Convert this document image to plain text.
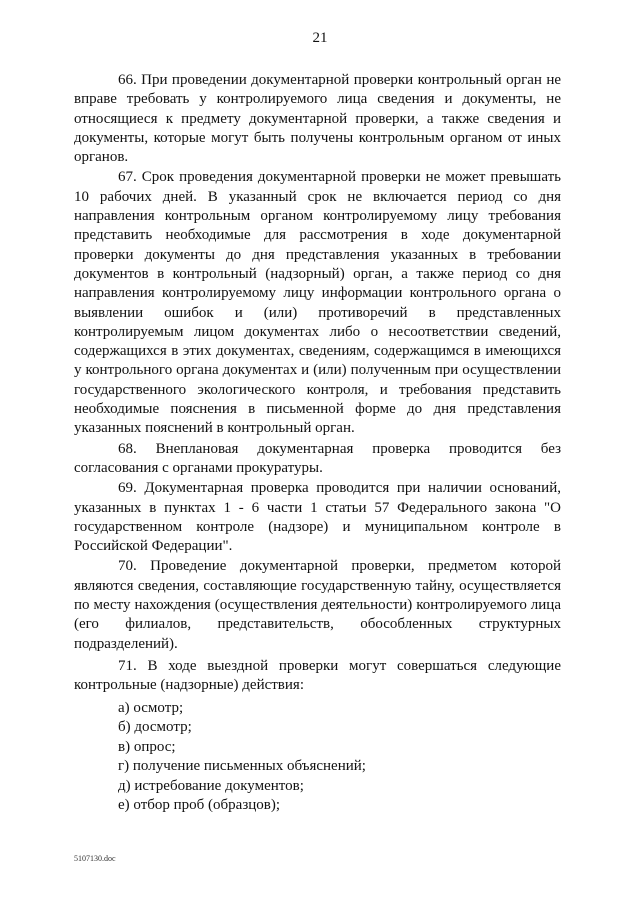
21

66. При проведении документарной проверки контрольный орган не вправе требовать у контролируемого лица сведения и документы, не относящиеся к предмету документарной проверки, а также сведения и документы, которые могут быть получены контрольным органом от иных органов.

67. Срок проведения документарной проверки не может превышать 10 рабочих дней. В указанный срок не включается период со дня направления контрольным органом контролируемому лицу требования представить необходимые для рассмотрения в ходе документарной проверки документы до дня представления указанных в требовании документов в контрольный (надзорный) орган, а также период со дня направления контролируемому лицу информации контрольного органа о выявлении ошибок и (или) противоречий в представленных контролируемым лицом документах либо о несоответствии сведений, содержащихся в этих документах, сведениям, содержащимся в имеющихся у контрольного органа документах и (или) полученным при осуществлении государственного экологического контроля, и требования представить необходимые пояснения в письменной форме до дня представления указанных пояснений в контрольный орган.

68. Внеплановая документарная проверка проводится без согласования с органами прокуратуры.

69. Документарная проверка проводится при наличии оснований, указанных в пунктах 1 - 6 части 1 статьи 57 Федерального закона "О государственном контроле (надзоре) и муниципальном контроле в Российской Федерации".

70. Проведение документарной проверки, предметом которой являются сведения, составляющие государственную тайну, осуществляется по месту нахождения (осуществления деятельности) контролируемого лица (его филиалов, представительств, обособленных структурных подразделений).

71. В ходе выездной проверки могут совершаться следующие контрольные (надзорные) действия:

а) осмотр;
б) досмотр;
в) опрос;
г) получение письменных объяснений;
д) истребование документов;
е) отбор проб (образцов);
5107130.doc
